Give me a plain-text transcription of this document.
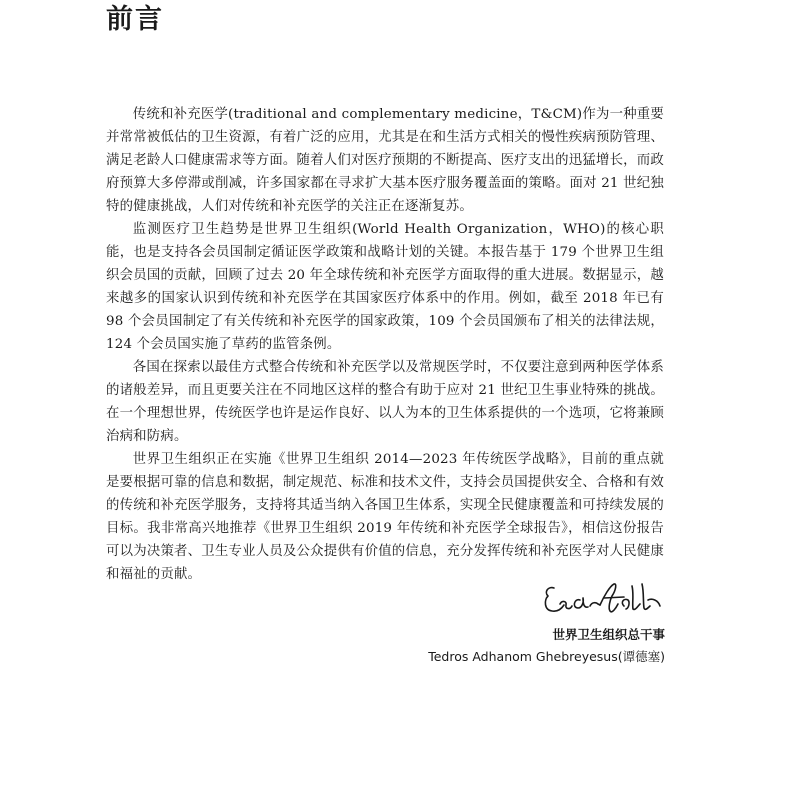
前言

传统和补充医学(traditional and complementary medicine，T&CM)作为一种重要并常常被低估的卫生资源，有着广泛的应用，尤其是在和生活方式相关的慢性疾病预防管理、满足老龄人口健康需求等方面。随着人们对医疗预期的不断提高、医疗支出的迅猛增长，而政府预算大多停滞或削减，许多国家都在寻求扩大基本医疗服务覆盖面的策略。面对 21 世纪独特的健康挑战，人们对传统和补充医学的关注正在逐渐复苏。

监测医疗卫生趋势是世界卫生组织(World Health Organization，WHO)的核心职能，也是支持各会员国制定循证医学政策和战略计划的关键。本报告基于 179 个世界卫生组织会员国的贡献，回顾了过去 20 年全球传统和补充医学方面取得的重大进展。数据显示，越来越多的国家认识到传统和补充医学在其国家医疗体系中的作用。例如，截至 2018 年已有 98 个会员国制定了有关传统和补充医学的国家政策，109 个会员国颁布了相关的法律法规，124 个会员国实施了草药的监管条例。

各国在探索以最佳方式整合传统和补充医学以及常规医学时，不仅要注意到两种医学体系的诸般差异，而且更要关注在不同地区这样的整合有助于应对 21 世纪卫生事业特殊的挑战。在一个理想世界，传统医学也许是运作良好、以人为本的卫生体系提供的一个选项，它将兼顾治病和防病。

世界卫生组织正在实施《世界卫生组织 2014—2023 年传统医学战略》，目前的重点就是要根据可靠的信息和数据，制定规范、标准和技术文件，支持会员国提供安全、合格和有效的传统和补充医学服务，支持将其适当纳入各国卫生体系，实现全民健康覆盖和可持续发展的目标。我非常高兴地推荐《世界卫生组织 2019 年传统和补充医学全球报告》，相信这份报告可以为决策者、卫生专业人员及公众提供有价值的信息，充分发挥传统和补充医学对人民健康和福祉的贡献。

世界卫生组织总干事

Tedros Adhanom Ghebreyesus(谭德塞)
